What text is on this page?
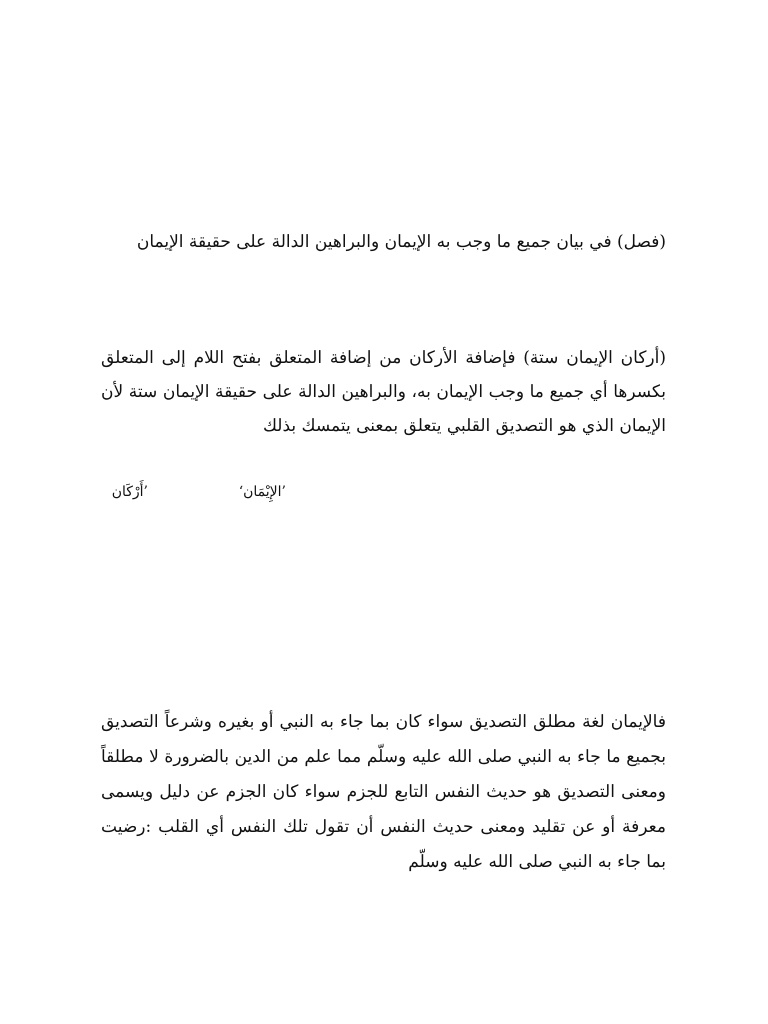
(فصل) في بيان جميع ما وجب به الإيمان والبراهين الدالة على حقيقة الإيمان
(أركان الإيمان ستة) فإضافة الأركان من إضافة المتعلق بفتح اللام إلى المتعلق بكسرها أي جميع ما وجب الإيمان به، والبراهين الدالة على حقيقة الإيمان ستة لأن الإيمان الذي هو التصديق القلبي يتعلق بمعنى يتمسك بذلك
’الإِيْمَان‘
’أَرْكَان
فالإيمان لغة مطلق التصديق سواء كان بما جاء به النبي أو بغيره وشرعاً التصديق بجميع ما جاء به النبي صلى الله عليه وسلّم مما علم من الدين بالضرورة لا مطلقاً ومعنى التصديق هو حديث النفس التابع للجزم سواء كان الجزم عن دليل ويسمى معرفة أو عن تقليد ومعنى حديث النفس أن تقول تلك النفس أي القلب :رضيت بما جاء به النبي صلى الله عليه وسلّم
